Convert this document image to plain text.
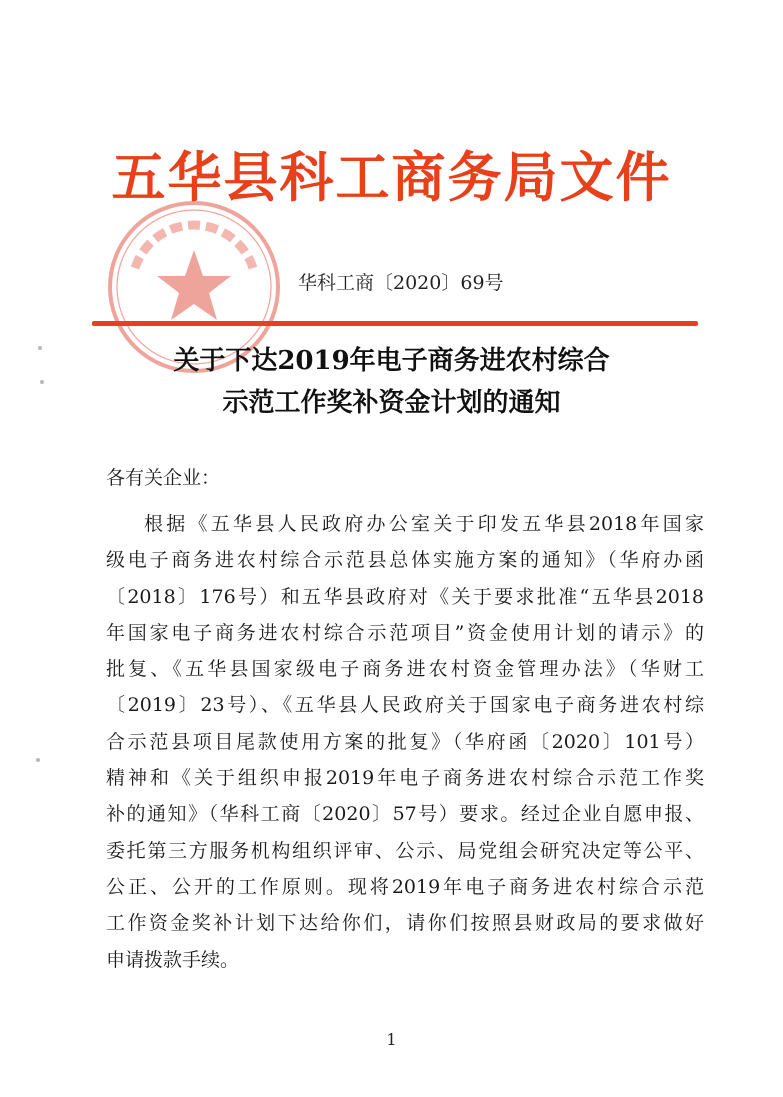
五华县科工商务局文件
华科工商〔2020〕69号
关于下达2019年电子商务进农村综合
示范工作奖补资金计划的通知
各有关企业：
根据《五华县人民政府办公室关于印发五华县2018年国家
级电子商务进农村综合示范县总体实施方案的通知》（华府办函
〔2018〕176号）和五华县政府对《关于要求批准“五华县2018
年国家电子商务进农村综合示范项目”资金使用计划的请示》的
批复、《五华县国家级电子商务进农村资金管理办法》（华财工
〔2019〕23号）、《五华县人民政府关于国家电子商务进农村综
合示范县项目尾款使用方案的批复》（华府函〔2020〕101号）
精神和《关于组织申报2019年电子商务进农村综合示范工作奖
补的通知》（华科工商〔2020〕57号）要求。经过企业自愿申报、
委托第三方服务机构组织评审、公示、局党组会研究决定等公平、
公正、公开的工作原则。现将2019年电子商务进农村综合示范
工作资金奖补计划下达给你们，请你们按照县财政局的要求做好
申请拨款手续。
1
